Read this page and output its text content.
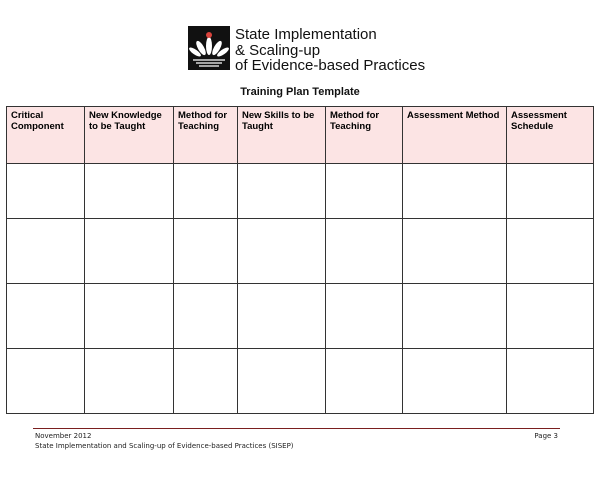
State Implementation
& Scaling-up
of Evidence-based Practices
Training Plan Template
Critical Component	New Knowledge to be Taught	Method for Teaching	New Skills to be Taught	Method for Teaching	Assessment Method	Assessment Schedule

November 2012
State Implementation and Scaling-up of Evidence-based Practices (SISEP)
Page 3
